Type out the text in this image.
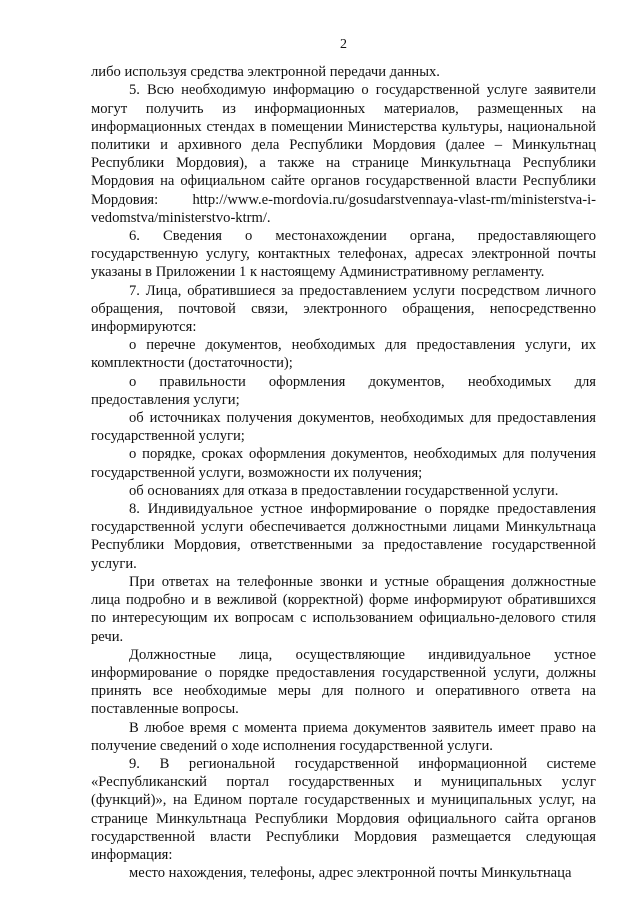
2

либо используя средства электронной передачи данных.

5. Всю необходимую информацию о государственной услуге заявители могут получить из информационных материалов, размещенных на информационных стендах в помещении Министерства культуры, национальной политики и архивного дела Республики Мордовия (далее – Минкультнац Республики Мордовия), а также на странице Минкультнаца Республики Мордовия на официальном сайте органов государственной власти Республики Мордовия: http://www.e-mordovia.ru/gosudarstvennaya-vlast-rm/ministerstva-i-vedomstva/ministerstvo-ktrm/.

6. Сведения о местонахождении органа, предоставляющего государственную услугу, контактных телефонах, адресах электронной почты указаны в Приложении 1 к настоящему Административному регламенту.

7. Лица, обратившиеся за предоставлением услуги посредством личного обращения, почтовой связи, электронного обращения, непосредственно информируются:

о перечне документов, необходимых для предоставления услуги, их комплектности (достаточности);

о правильности оформления документов, необходимых для предоставления услуги;

об источниках получения документов, необходимых для предоставления государственной услуги;

о порядке, сроках оформления документов, необходимых для получения государственной услуги, возможности их получения;

об основаниях для отказа в предоставлении государственной услуги.

8. Индивидуальное устное информирование о порядке предоставления государственной услуги обеспечивается должностными лицами Минкультнаца Республики Мордовия, ответственными за предоставление государственной услуги.

При ответах на телефонные звонки и устные обращения должностные лица подробно и в вежливой (корректной) форме информируют обратившихся по интересующим их вопросам с использованием официально-делового стиля речи.

Должностные лица, осуществляющие индивидуальное устное информирование о порядке предоставления государственной услуги, должны принять все необходимые меры для полного и оперативного ответа на поставленные вопросы.

В любое время с момента приема документов заявитель имеет право на получение сведений о ходе исполнения государственной услуги.

9. В региональной государственной информационной системе «Республиканский портал государственных и муниципальных услуг (функций)», на Едином портале государственных и муниципальных услуг, на странице Минкультнаца Республики Мордовия официального сайта органов государственной власти Республики Мордовия размещается следующая информация:

место нахождения, телефоны, адрес электронной почты Минкультнаца
